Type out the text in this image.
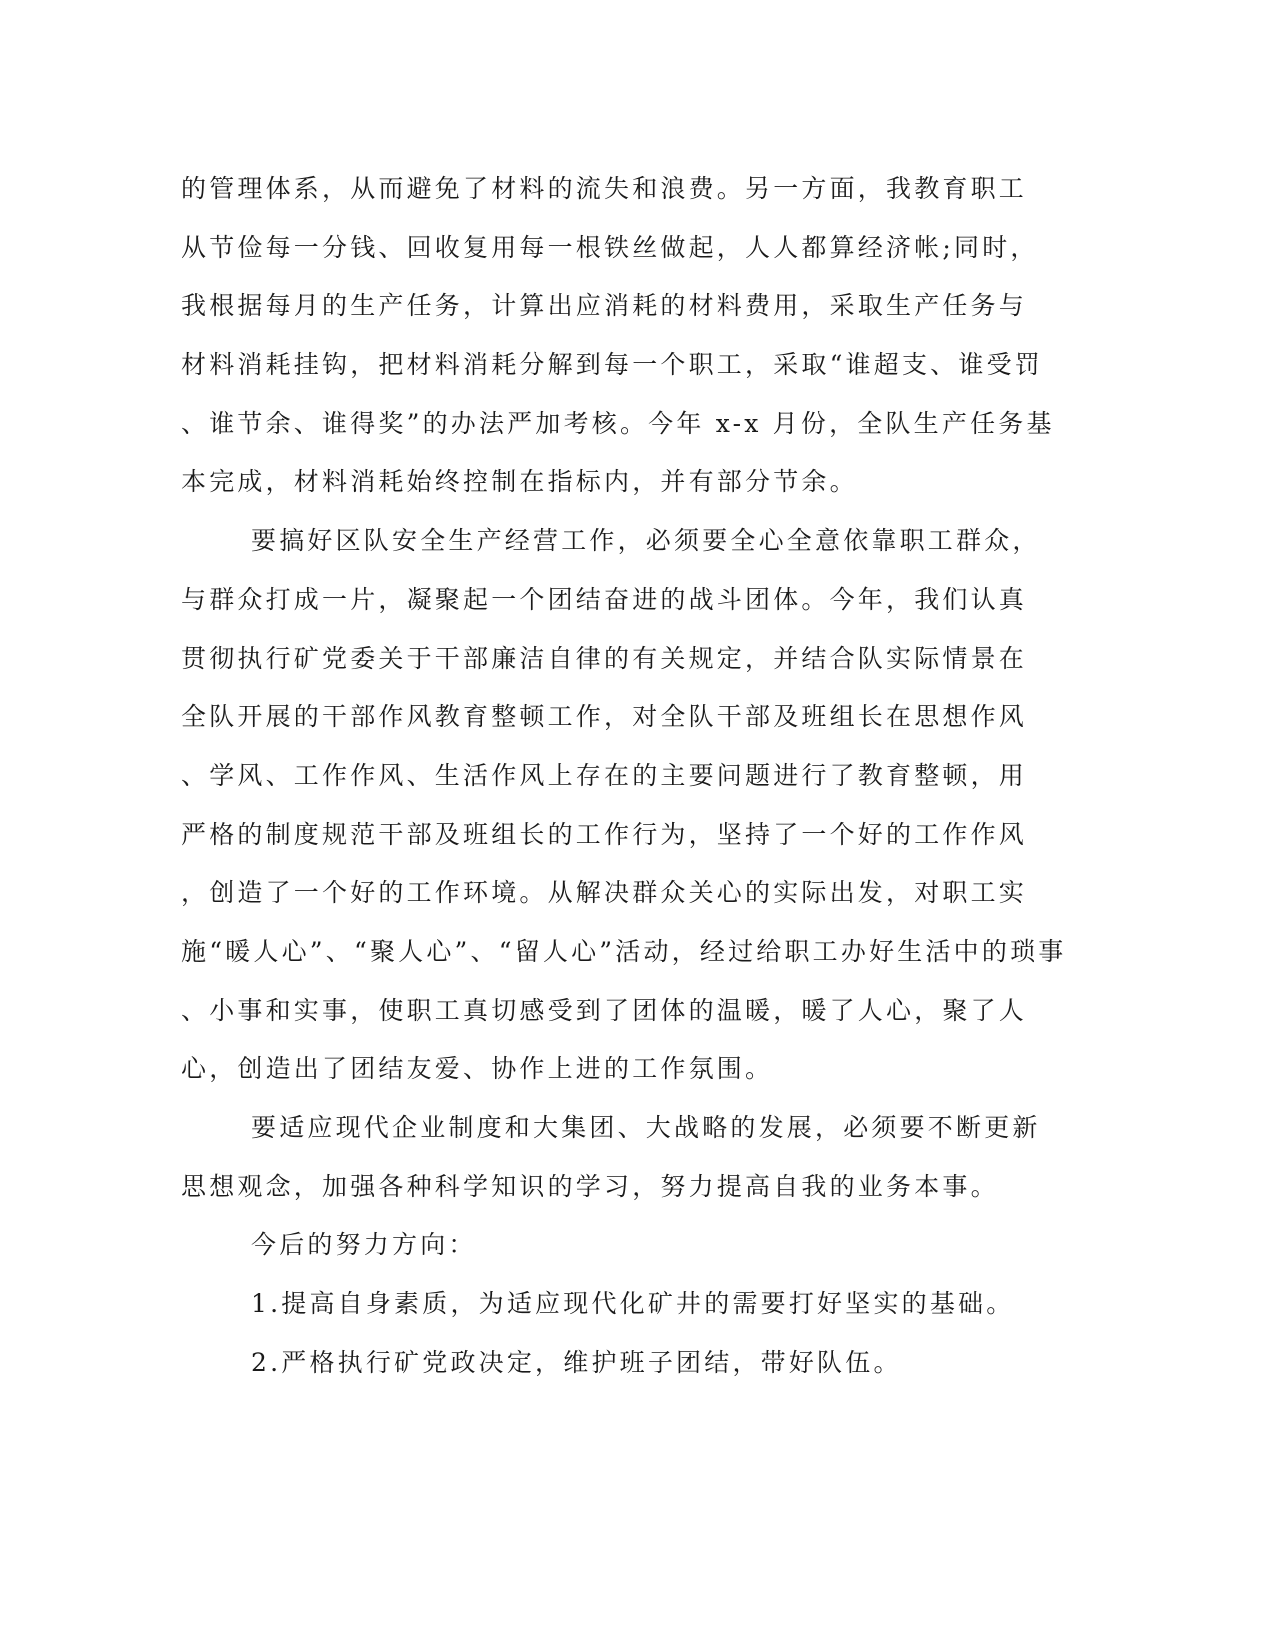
的管理体系，从而避免了材料的流失和浪费。另一方面，我教育职工
从节俭每一分钱、回收复用每一根铁丝做起，人人都算经济帐;同时，
我根据每月的生产任务，计算出应消耗的材料费用，采取生产任务与
材料消耗挂钩，把材料消耗分解到每一个职工，采取“谁超支、谁受罚
、谁节余、谁得奖”的办法严加考核。今年 x-x 月份，全队生产任务基
本完成，材料消耗始终控制在指标内，并有部分节余。
要搞好区队安全生产经营工作，必须要全心全意依靠职工群众，
与群众打成一片，凝聚起一个团结奋进的战斗团体。今年，我们认真
贯彻执行矿党委关于干部廉洁自律的有关规定，并结合队实际情景在
全队开展的干部作风教育整顿工作，对全队干部及班组长在思想作风
、学风、工作作风、生活作风上存在的主要问题进行了教育整顿，用
严格的制度规范干部及班组长的工作行为，坚持了一个好的工作作风
，创造了一个好的工作环境。从解决群众关心的实际出发，对职工实
施“暖人心”、“聚人心”、“留人心”活动，经过给职工办好生活中的琐事
、小事和实事，使职工真切感受到了团体的温暖，暖了人心，聚了人
心，创造出了团结友爱、协作上进的工作氛围。
要适应现代企业制度和大集团、大战略的发展，必须要不断更新
思想观念，加强各种科学知识的学习，努力提高自我的业务本事。
今后的努力方向：
1.提高自身素质，为适应现代化矿井的需要打好坚实的基础。
2.严格执行矿党政决定，维护班子团结，带好队伍。
